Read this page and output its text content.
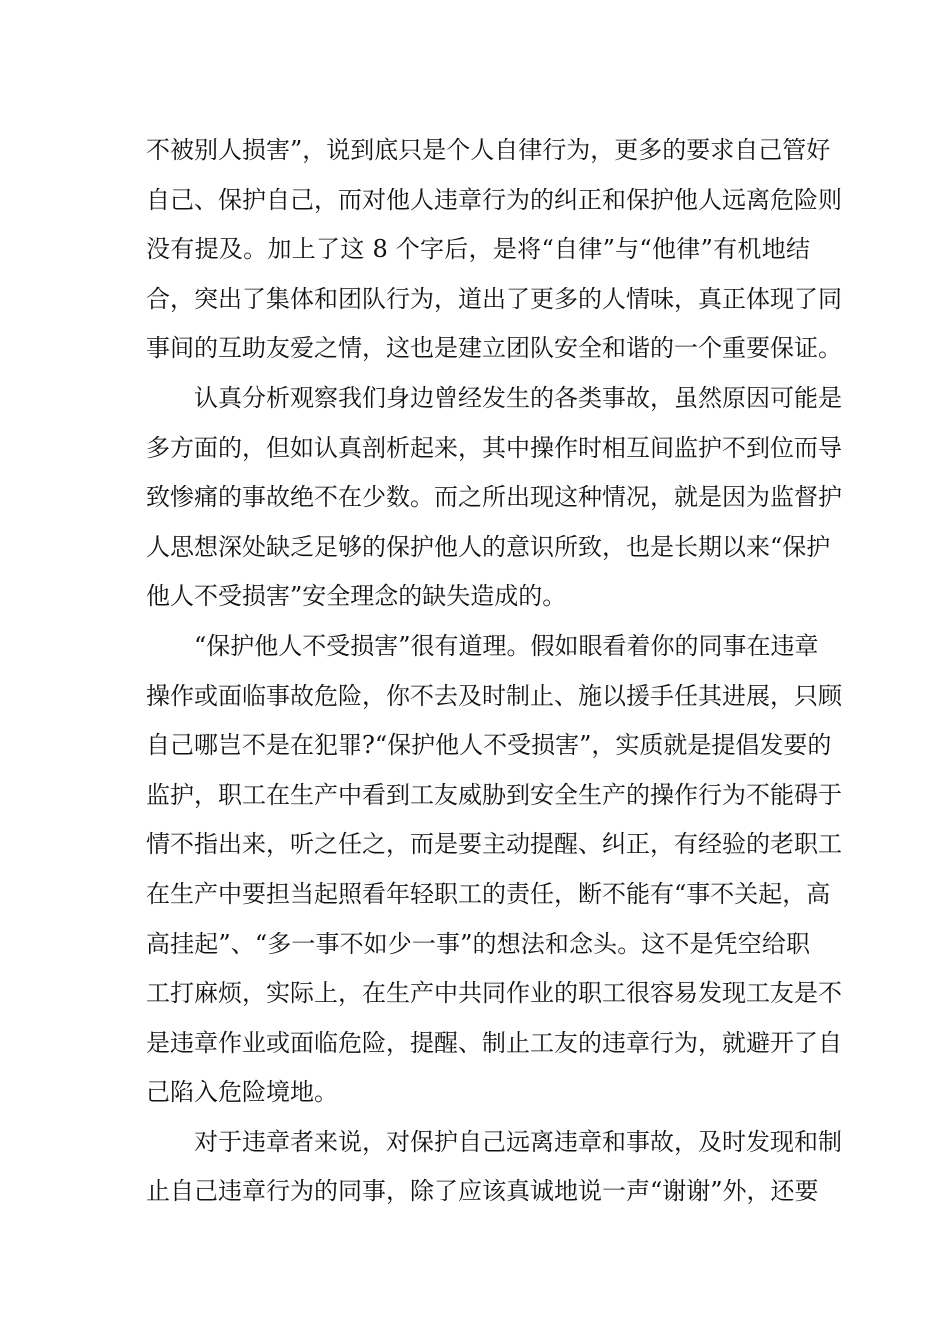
不被别人损害”，说到底只是个人自律行为，更多的要求自己管好
自己、保护自己，而对他人违章行为的纠正和保护他人远离危险则
没有提及。加上了这 8 个字后，是将“自律”与“他律”有机地结
合，突出了集体和团队行为，道出了更多的人情味，真正体现了同
事间的互助友爱之情，这也是建立团队安全和谐的一个重要保证。
认真分析观察我们身边曾经发生的各类事故，虽然原因可能是
多方面的，但如认真剖析起来，其中操作时相互间监护不到位而导
致惨痛的事故绝不在少数。而之所出现这种情况，就是因为监督护
人思想深处缺乏足够的保护他人的意识所致，也是长期以来“保护
他人不受损害”安全理念的缺失造成的。
“保护他人不受损害”很有道理。假如眼看着你的同事在违章
操作或面临事故危险，你不去及时制止、施以援手任其进展，只顾
自己哪岂不是在犯罪?“保护他人不受损害”，实质就是提倡发要的
监护，职工在生产中看到工友威胁到安全生产的操作行为不能碍于
情不指出来，听之任之，而是要主动提醒、纠正，有经验的老职工
在生产中要担当起照看年轻职工的责任，断不能有“事不关起，高
高挂起”、“多一事不如少一事”的想法和念头。这不是凭空给职
工打麻烦，实际上，在生产中共同作业的职工很容易发现工友是不
是违章作业或面临危险，提醒、制止工友的违章行为，就避开了自
己陷入危险境地。
对于违章者来说，对保护自己远离违章和事故，及时发现和制
止自己违章行为的同事，除了应该真诚地说一声“谢谢”外，还要
